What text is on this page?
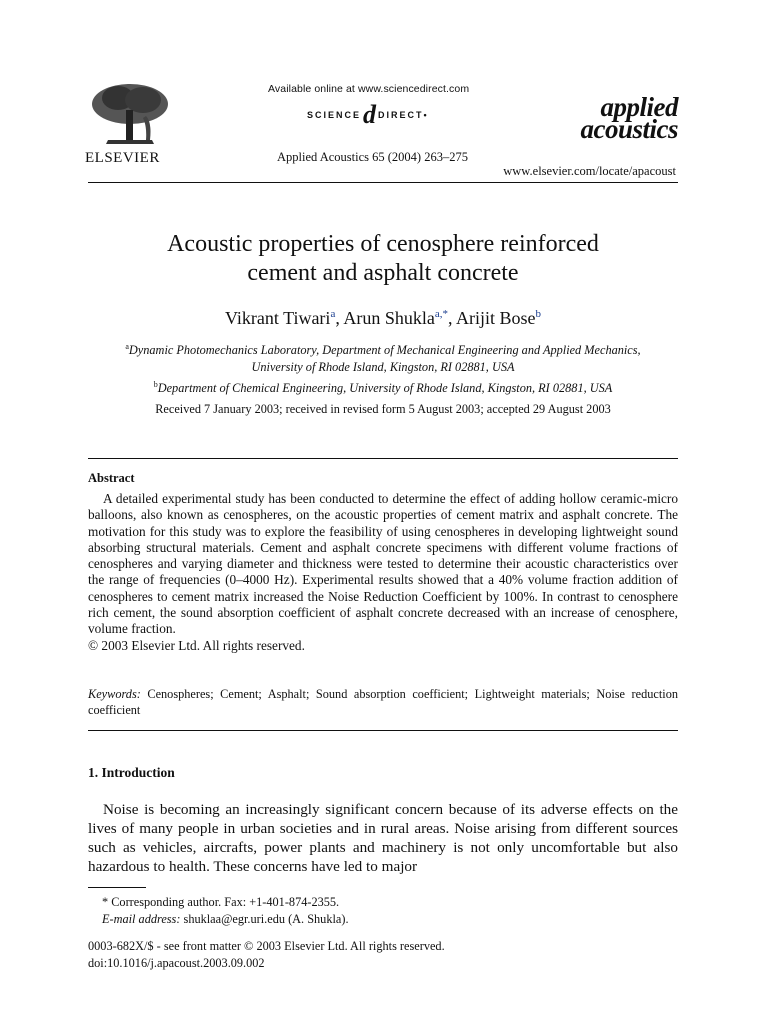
ELSEVIER
Available online at www.sciencedirect.com
SCIENCE d DIRECT •
Applied Acoustics 65 (2004) 263–275
applied
acoustics
www.elsevier.com/locate/apacoust
Acoustic properties of cenosphere reinforced
cement and asphalt concrete
Vikrant Tiwari$^a$, Arun Shukla$^{a,*}$, Arijit Bose$^b$
$^a$Dynamic Photomechanics Laboratory, Department of Mechanical Engineering and Applied Mechanics,
University of Rhode Island, Kingston, RI 02881, USA
$^b$Department of Chemical Engineering, University of Rhode Island, Kingston, RI 02881, USA
Received 7 January 2003; received in revised form 5 August 2003; accepted 29 August 2003
Abstract
A detailed experimental study has been conducted to determine the effect of adding hollow ceramic-micro balloons, also known as cenospheres, on the acoustic properties of cement matrix and asphalt concrete. The motivation for this study was to explore the feasibility of using cenospheres in developing lightweight sound absorbing structural materials. Cement and asphalt concrete specimens with different volume fractions of cenospheres and varying diameter and thickness were tested to determine their acoustic characteristics over the range of frequencies (0–4000 Hz). Experimental results showed that a 40% volume fraction addition of cenospheres to cement matrix increased the Noise Reduction Coefficient by 100%. In contrast to cenosphere rich cement, the sound absorption coefficient of asphalt concrete decreased with an increase of cenosphere, volume fraction.
© 2003 Elsevier Ltd. All rights reserved.
Keywords: Cenospheres; Cement; Asphalt; Sound absorption coefficient; Lightweight materials; Noise reduction coefficient
1. Introduction
Noise is becoming an increasingly significant concern because of its adverse effects on the lives of many people in urban societies and in rural areas. Noise arising from different sources such as vehicles, aircrafts, power plants and machinery is not only uncomfortable but also hazardous to health. These concerns have led to major
* Corresponding author. Fax: +1-401-874-2355.
E-mail address: shuklaa@egr.uri.edu (A. Shukla).
0003-682X/$ - see front matter © 2003 Elsevier Ltd. All rights reserved.
doi:10.1016/j.apacoust.2003.09.002
